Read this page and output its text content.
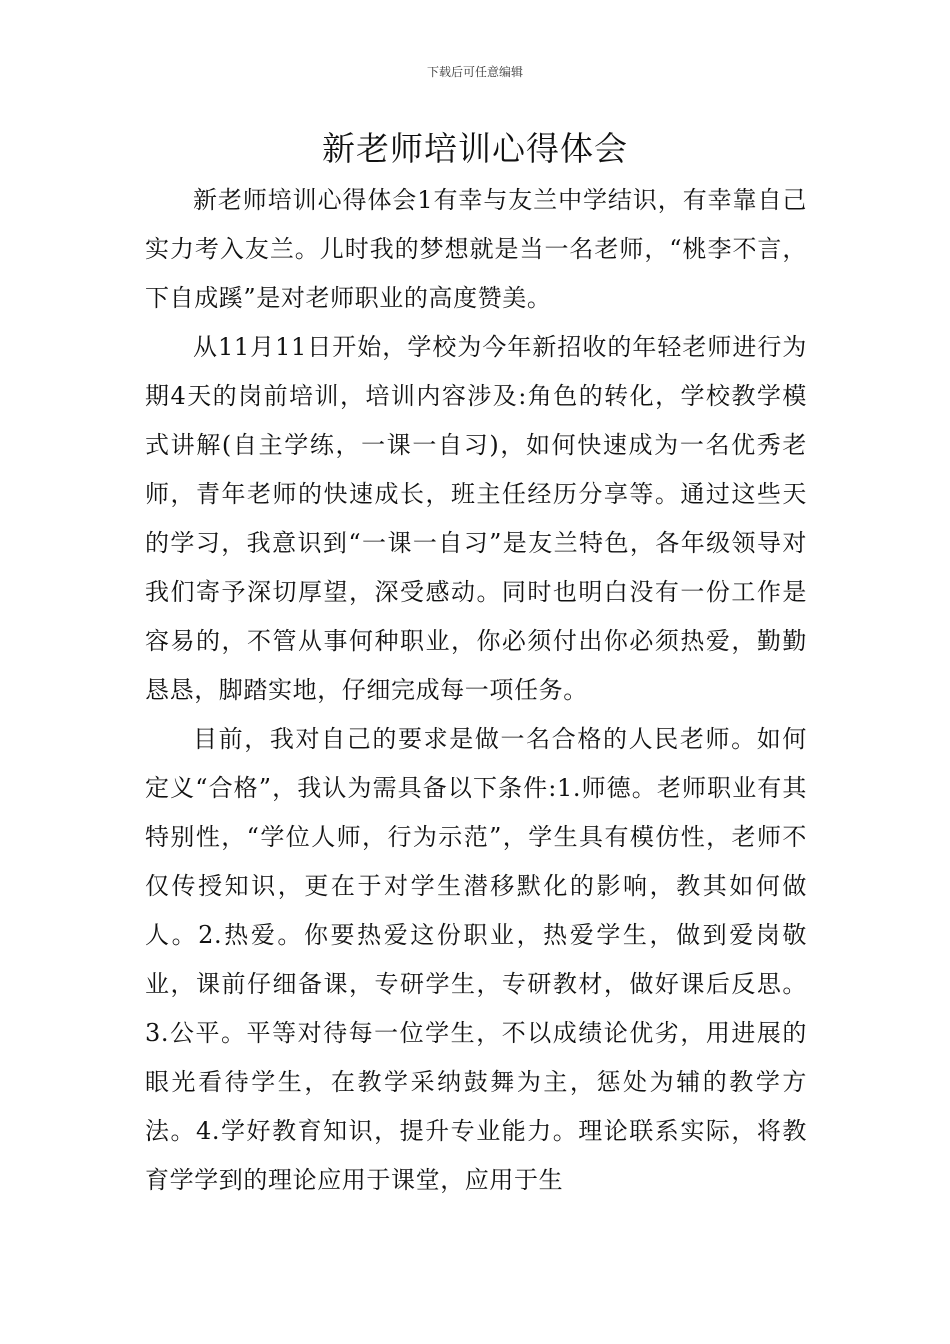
下载后可任意编辑
新老师培训心得体会

新老师培训心得体会1有幸与友兰中学结识，有幸靠自己实力考入友兰。儿时我的梦想就是当一名老师，“桃李不言，下自成蹊”是对老师职业的高度赞美。

从11月11日开始，学校为今年新招收的年轻老师进行为期4天的岗前培训，培训内容涉及:角色的转化，学校教学模式讲解(自主学练，一课一自习)，如何快速成为一名优秀老师，青年老师的快速成长，班主任经历分享等。通过这些天的学习，我意识到“一课一自习”是友兰特色，各年级领导对我们寄予深切厚望，深受感动。同时也明白没有一份工作是容易的，不管从事何种职业，你必须付出你必须热爱，勤勤恳恳，脚踏实地，仔细完成每一项任务。

目前，我对自己的要求是做一名合格的人民老师。如何定义“合格”，我认为需具备以下条件:1.师德。老师职业有其特别性，“学位人师，行为示范”，学生具有模仿性，老师不仅传授知识，更在于对学生潜移默化的影响，教其如何做人。2.热爱。你要热爱这份职业，热爱学生，做到爱岗敬业，课前仔细备课，专研学生，专研教材，做好课后反思。3.公平。平等对待每一位学生，不以成绩论优劣，用进展的眼光看待学生，在教学采纳鼓舞为主，惩处为辅的教学方法。4.学好教育知识，提升专业能力。理论联系实际，将教育学学到的理论应用于课堂，应用于生
